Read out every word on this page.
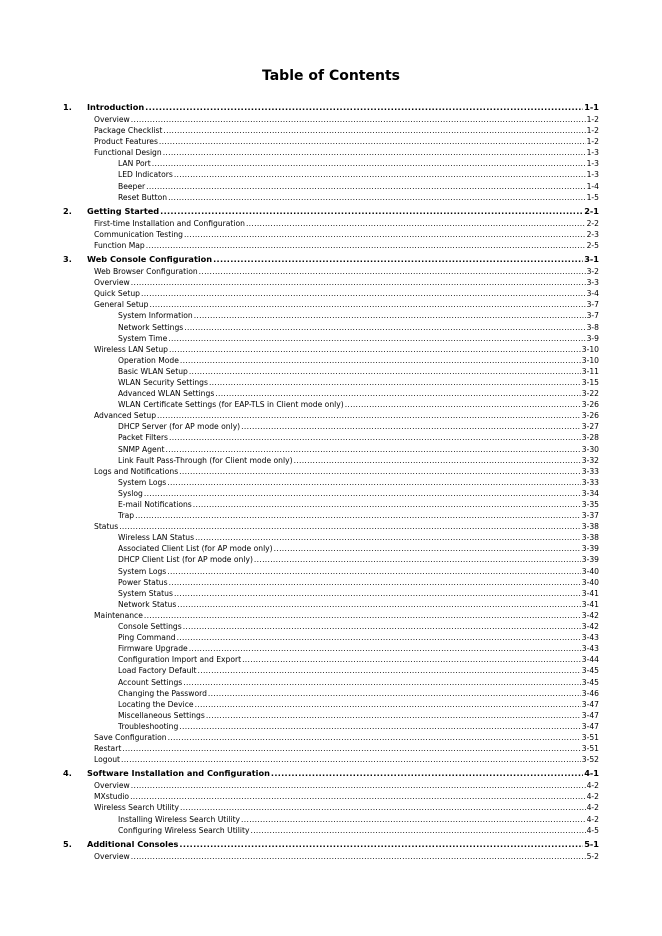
Table of Contents
1. Introduction .....	1-1
Overview .....	1-2
Package Checklist .....	1-2
Product Features .....	1-2
Functional Design .....	1-3
LAN Port .....	1-3
LED Indicators .....	1-3
Beeper .....	1-4
Reset Button .....	1-5
2. Getting Started .....	2-1
First-time Installation and Configuration .....	2-2
Communication Testing .....	2-3
Function Map .....	2-5
3. Web Console Configuration .....	3-1
Web Browser Configuration .....	3-2
Overview .....	3-3
Quick Setup .....	3-4
General Setup .....	3-7
System Information .....	3-7
Network Settings .....	3-8
System Time .....	3-9
Wireless LAN Setup .....	3-10
Operation Mode .....	3-10
Basic WLAN Setup .....	3-11
WLAN Security Settings .....	3-15
Advanced WLAN Settings .....	3-22
WLAN Certificate Settings (for EAP-TLS in Client mode only) .....	3-26
Advanced Setup .....	3-26
DHCP Server (for AP mode only) .....	3-27
Packet Filters .....	3-28
SNMP Agent .....	3-30
Link Fault Pass-Through (for Client mode only) .....	3-32
Logs and Notifications .....	3-33
System Logs .....	3-33
Syslog .....	3-34
E-mail Notifications .....	3-35
Trap .....	3-37
Status .....	3-38
Wireless LAN Status .....	3-38
Associated Client List (for AP mode only) .....	3-39
DHCP Client List (for AP mode only) .....	3-39
System Logs .....	3-40
Power Status .....	3-40
System Status .....	3-41
Network Status .....	3-41
Maintenance .....	3-42
Console Settings .....	3-42
Ping Command .....	3-43
Firmware Upgrade .....	3-43
Configuration Import and Export .....	3-44
Load Factory Default .....	3-45
Account Settings .....	3-45
Changing the Password .....	3-46
Locating the Device .....	3-47
Miscellaneous Settings .....	3-47
Troubleshooting .....	3-47
Save Configuration .....	3-51
Restart .....	3-51
Logout .....	3-52
4. Software Installation and Configuration .....	4-1
Overview .....	4-2
MXstudio .....	4-2
Wireless Search Utility .....	4-2
Installing Wireless Search Utility .....	4-2
Configuring Wireless Search Utility .....	4-5
5. Additional Consoles .....	5-1
Overview .....	5-2
